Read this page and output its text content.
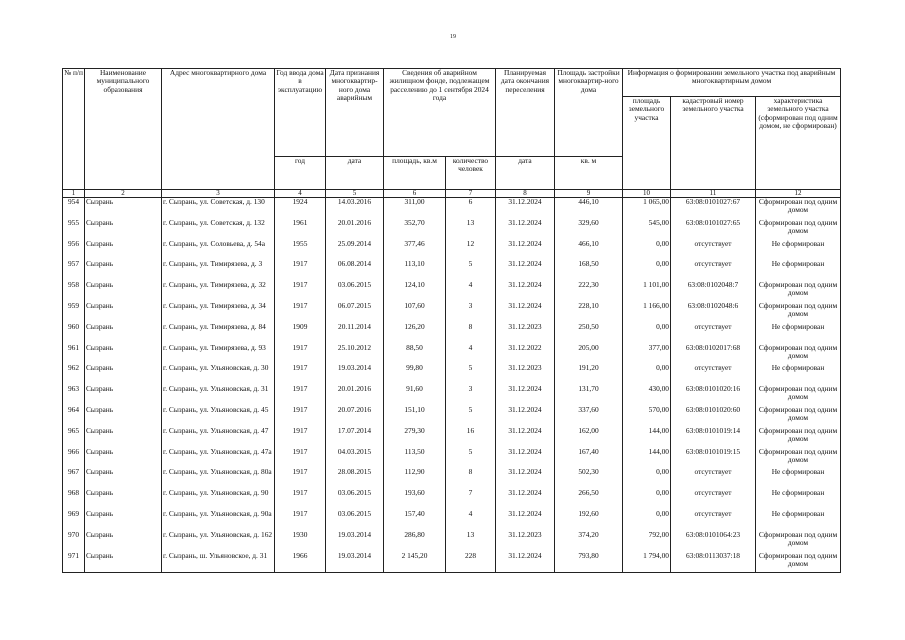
19
№ п/п	Наименование муниципального образования	Адрес многоквартирного дома	Год ввода дома в эксплуатацию	Дата признания многоквартир-ного дома аварийным	Сведения об аварийном жилищном фонде, подлежащем расселению до 1 сентября 2024 года		Планируемая дата окончания переселения	Площадь застройки многоквартир-ного дома	Информация о формировании земельного участка под аварийным многоквартирным домом		
									площадь земельного участка	кадастровый номер земельного участка	характеристика земельного участка (сформирован под одним домом, не сформирован)
			год	дата	площадь, кв.м	количество человек	дата	кв. м			
1	2	3	4	5	6	7	8	9	10	11	12
954	Сызрань	г. Сызрань, ул. Советская, д. 130	1924	14.03.2016	311,00	6	31.12.2024	446,10	1 065,00	63:08:0101027:67	Сформирован под одним домом
955	Сызрань	г. Сызрань, ул. Советская, д. 132	1961	20.01.2016	352,70	13	31.12.2024	329,60	545,00	63:08:0101027:65	Сформирован под одним домом
956	Сызрань	г. Сызрань, ул. Соловьева, д. 54а	1955	25.09.2014	377,46	12	31.12.2024	466,10	0,00	отсутствует	Не сформирован
957	Сызрань	г. Сызрань, ул. Тимирязева, д. 3	1917	06.08.2014	113,10	5	31.12.2024	168,50	0,00	отсутствует	Не сформирован
958	Сызрань	г. Сызрань, ул. Тимирязева, д. 32	1917	03.06.2015	124,10	4	31.12.2024	222,30	1 101,00	63:08:0102048:7	Сформирован под одним домом
959	Сызрань	г. Сызрань, ул. Тимирязева, д. 34	1917	06.07.2015	107,60	3	31.12.2024	228,10	1 166,00	63:08:0102048:6	Сформирован под одним домом
960	Сызрань	г. Сызрань, ул. Тимирязева, д. 84	1909	20.11.2014	126,20	8	31.12.2023	250,50	0,00	отсутствует	Не сформирован
961	Сызрань	г. Сызрань, ул. Тимирязева, д. 93	1917	25.10.2012	88,50	4	31.12.2022	205,00	377,00	63:08:0102017:68	Сформирован под одним домом
962	Сызрань	г. Сызрань, ул. Ульяновская, д. 30	1917	19.03.2014	99,80	5	31.12.2023	191,20	0,00	отсутствует	Не сформирован
963	Сызрань	г. Сызрань, ул. Ульяновская, д. 31	1917	20.01.2016	91,60	3	31.12.2024	131,70	430,00	63:08:0101020:16	Сформирован под одним домом
964	Сызрань	г. Сызрань, ул. Ульяновская, д. 45	1917	20.07.2016	151,10	5	31.12.2024	337,60	570,00	63:08:0101020:60	Сформирован под одним домом
965	Сызрань	г. Сызрань, ул. Ульяновская, д. 47	1917	17.07.2014	279,30	16	31.12.2024	162,00	144,00	63:08:0101019:14	Сформирован под одним домом
966	Сызрань	г. Сызрань, ул. Ульяновская, д. 47а	1917	04.03.2015	113,50	5	31.12.2024	167,40	144,00	63:08:0101019:15	Сформирован под одним домом
967	Сызрань	г. Сызрань, ул. Ульяновская, д. 80а	1917	28.08.2015	112,90	8	31.12.2024	502,30	0,00	отсутствует	Не сформирован
968	Сызрань	г. Сызрань, ул. Ульяновская, д. 90	1917	03.06.2015	193,60	7	31.12.2024	266,50	0,00	отсутствует	Не сформирован
969	Сызрань	г. Сызрань, ул. Ульяновская, д. 90а	1917	03.06.2015	157,40	4	31.12.2024	192,60	0,00	отсутствует	Не сформирован
970	Сызрань	г. Сызрань, ул. Ульяновская, д. 162	1930	19.03.2014	286,80	13	31.12.2023	374,20	792,00	63:08:0101064:23	Сформирован под одним домом
971	Сызрань	г. Сызрань, ш. Ульяновское, д. 31	1966	19.03.2014	2 145,20	228	31.12.2024	793,80	1 794,00	63:08:0113037:18	Сформирован под одним домом
